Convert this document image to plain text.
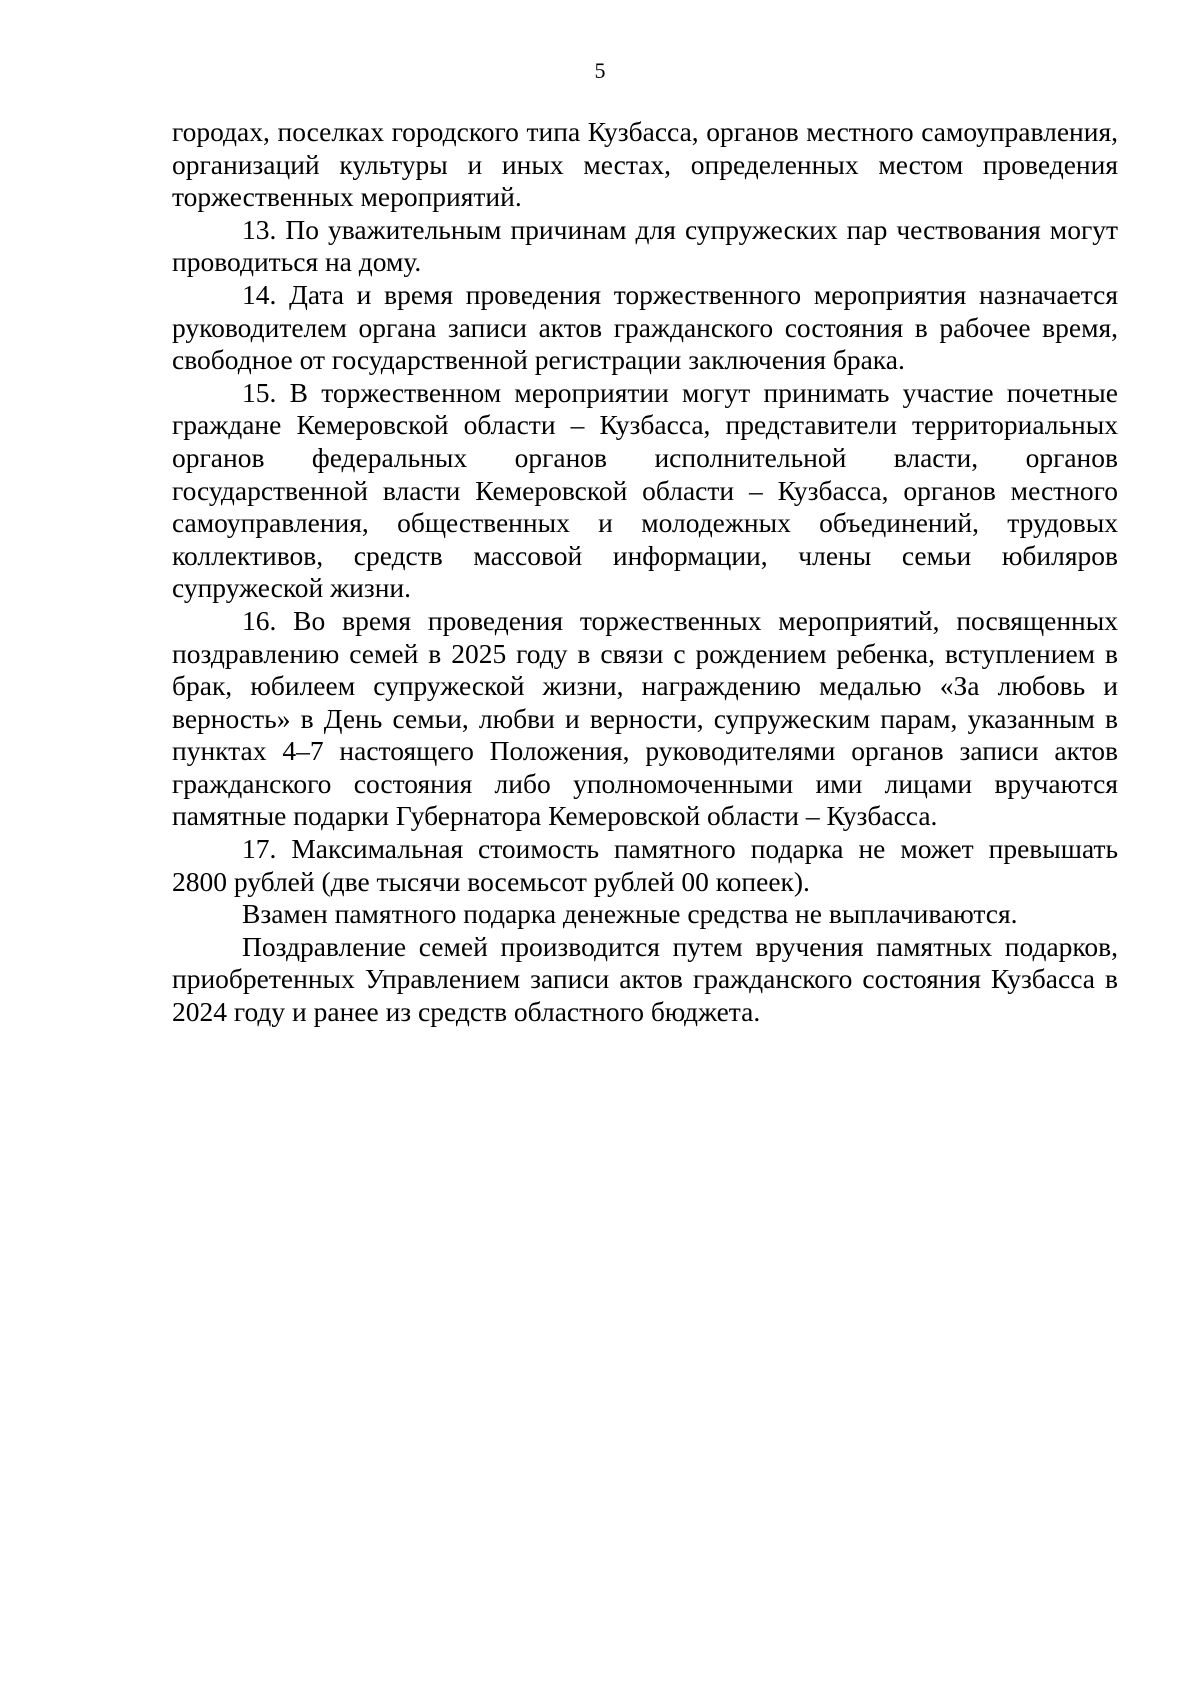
5

городах, поселках городского типа Кузбасса, органов местного самоуправления, организаций культуры и иных местах, определенных местом проведения торжественных мероприятий.

13. По уважительным причинам для супружеских пар чествования могут проводиться на дому.

14. Дата и время проведения торжественного мероприятия назначается руководителем органа записи актов гражданского состояния в рабочее время, свободное от государственной регистрации заключения брака.

15. В торжественном мероприятии могут принимать участие почетные граждане Кемеровской области – Кузбасса, представители территориальных органов федеральных органов исполнительной власти, органов государственной власти Кемеровской области – Кузбасса, органов местного самоуправления, общественных и молодежных объединений, трудовых коллективов, средств массовой информации, члены семьи юбиляров супружеской жизни.

16. Во время проведения торжественных мероприятий, посвященных поздравлению семей в 2025 году в связи с рождением ребенка, вступлением в брак, юбилеем супружеской жизни, награждению медалью «За любовь и верность» в День семьи, любви и верности, супружеским парам, указанным в пунктах 4–7 настоящего Положения, руководителями органов записи актов гражданского состояния либо уполномоченными ими лицами вручаются памятные подарки Губернатора Кемеровской области – Кузбасса.

17. Максимальная стоимость памятного подарка не может превышать 2800 рублей (две тысячи восемьсот рублей 00 копеек).

Взамен памятного подарка денежные средства не выплачиваются.

Поздравление семей производится путем вручения памятных подарков, приобретенных Управлением записи актов гражданского состояния Кузбасса в 2024 году и ранее из средств областного бюджета.
